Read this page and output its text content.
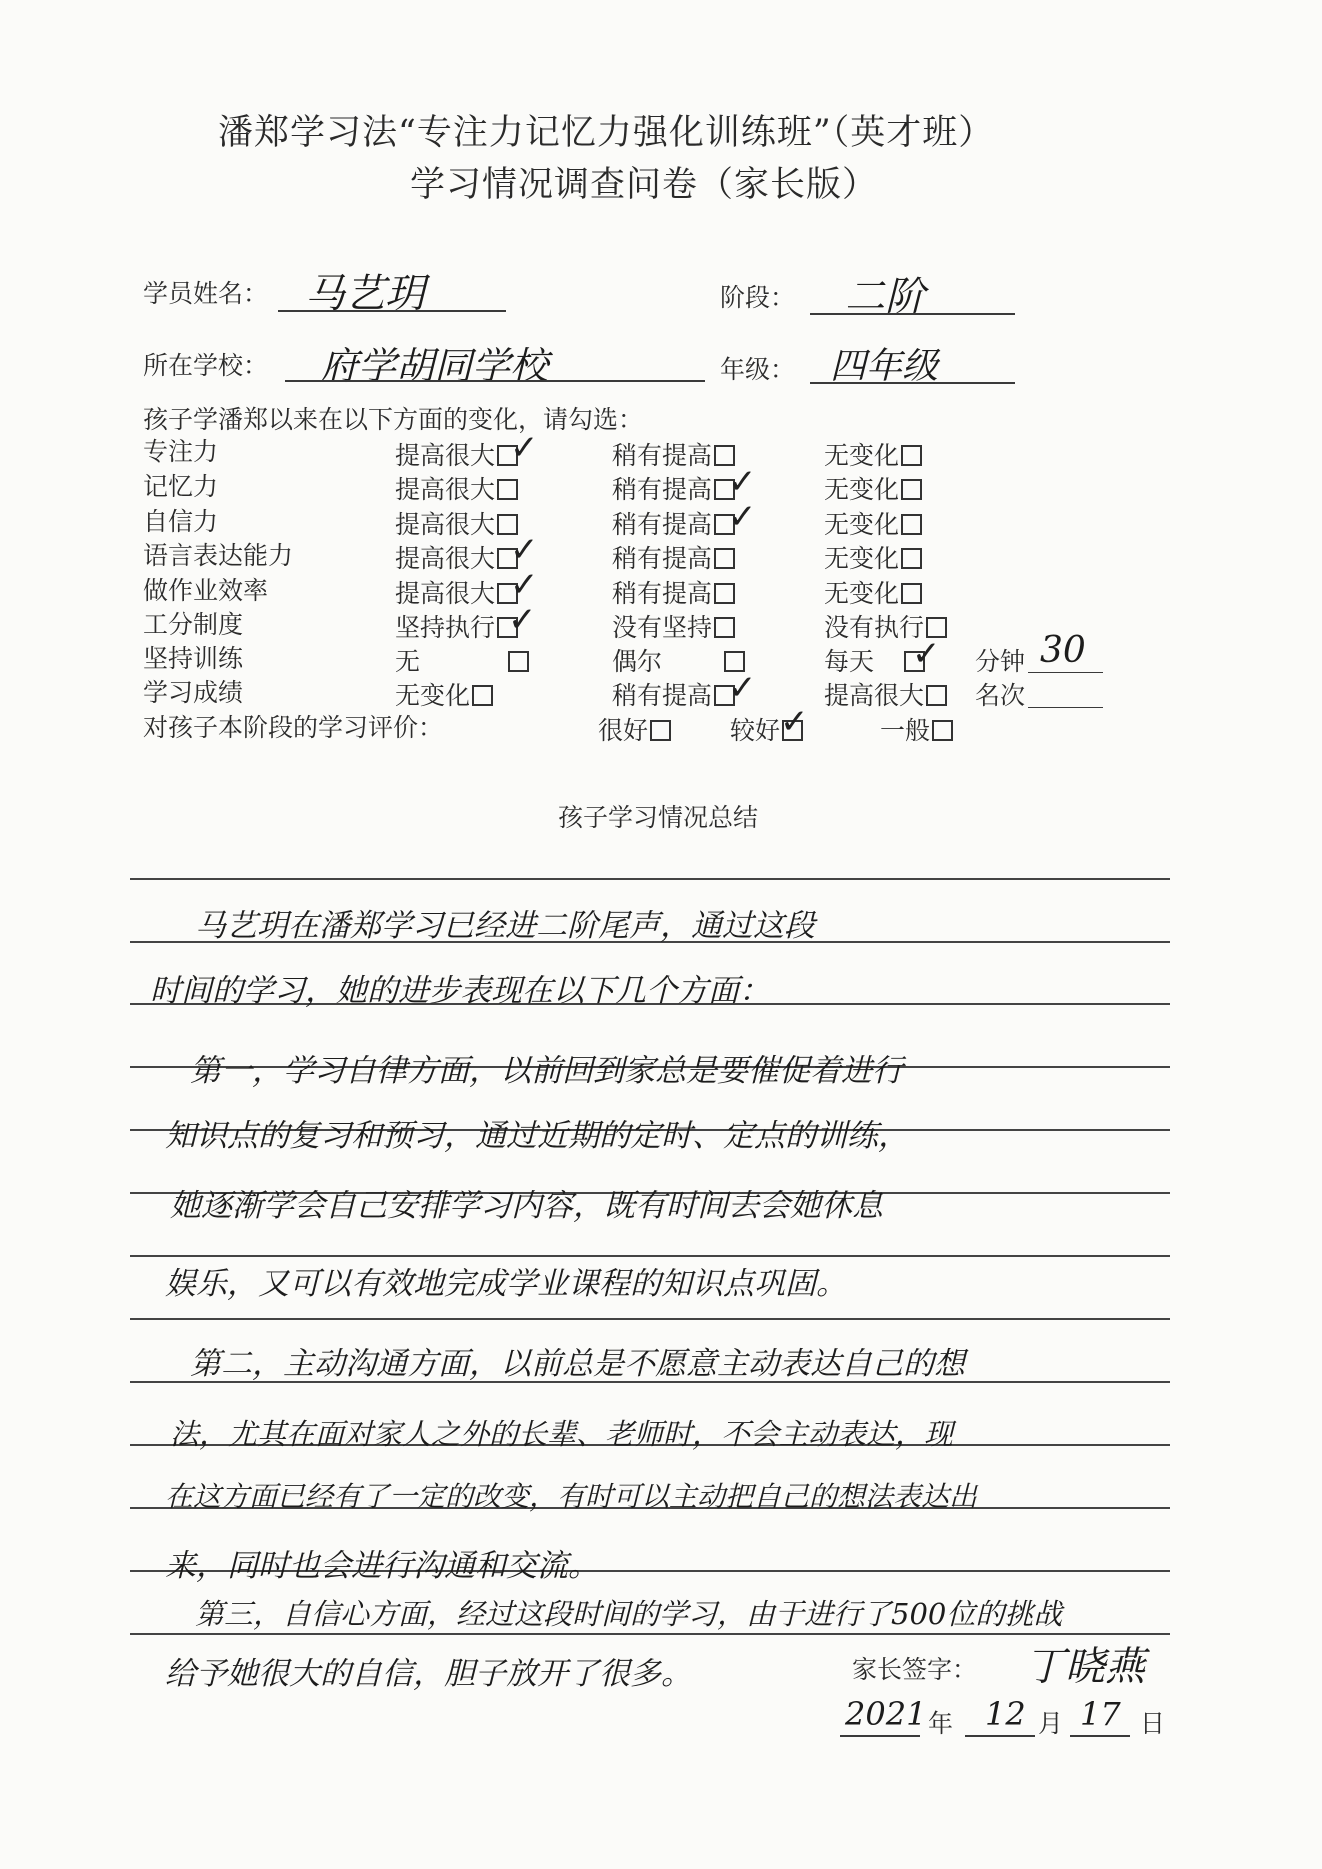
潘郑学习法“专注力记忆力强化训练班”（英才班）
学习情况调查问卷（家长版）
学员姓名： 马艺玥	阶段： 二阶
所在学校： 府学胡同学校	年级： 四年级
孩子学潘郑以来在以下方面的变化，请勾选：
专注力	提高很大	稍有提高	无变化
记忆力	提高很大	稍有提高	无变化
自信力	提高很大	稍有提高	无变化
语言表达能力	提高很大	稍有提高	无变化
做作业效率	提高很大	稍有提高	无变化
工分制度	坚持执行	没有坚持	没有执行
坚持训练	无	偶尔	每天	分钟 30
学习成绩	无变化	稍有提高	提高很大	名次
对孩子本阶段的学习评价：	很好	较好	一般
✓
✓
✓
✓
✓
✓
✓
✓
✓
孩子学习情况总结
马艺玥在潘郑学习已经进二阶尾声，通过这段
时间的学习，她的进步表现在以下几个方面：
第一，学习自律方面，以前回到家总是要催促着进行
知识点的复习和预习，通过近期的定时、定点的训练，
她逐渐学会自己安排学习内容，既有时间去会她休息
娱乐，又可以有效地完成学业课程的知识点巩固。
第二，主动沟通方面，以前总是不愿意主动表达自己的想
法，尤其在面对家人之外的长辈、老师时，不会主动表达，现
在这方面已经有了一定的改变，有时可以主动把自己的想法表达出
来，同时也会进行沟通和交流。
第三，自信心方面，经过这段时间的学习，由于进行了500位的挑战
给予她很大的自信，胆子放开了很多。	家长签字： 丁晓燕
2021 年 12 月 17 日
